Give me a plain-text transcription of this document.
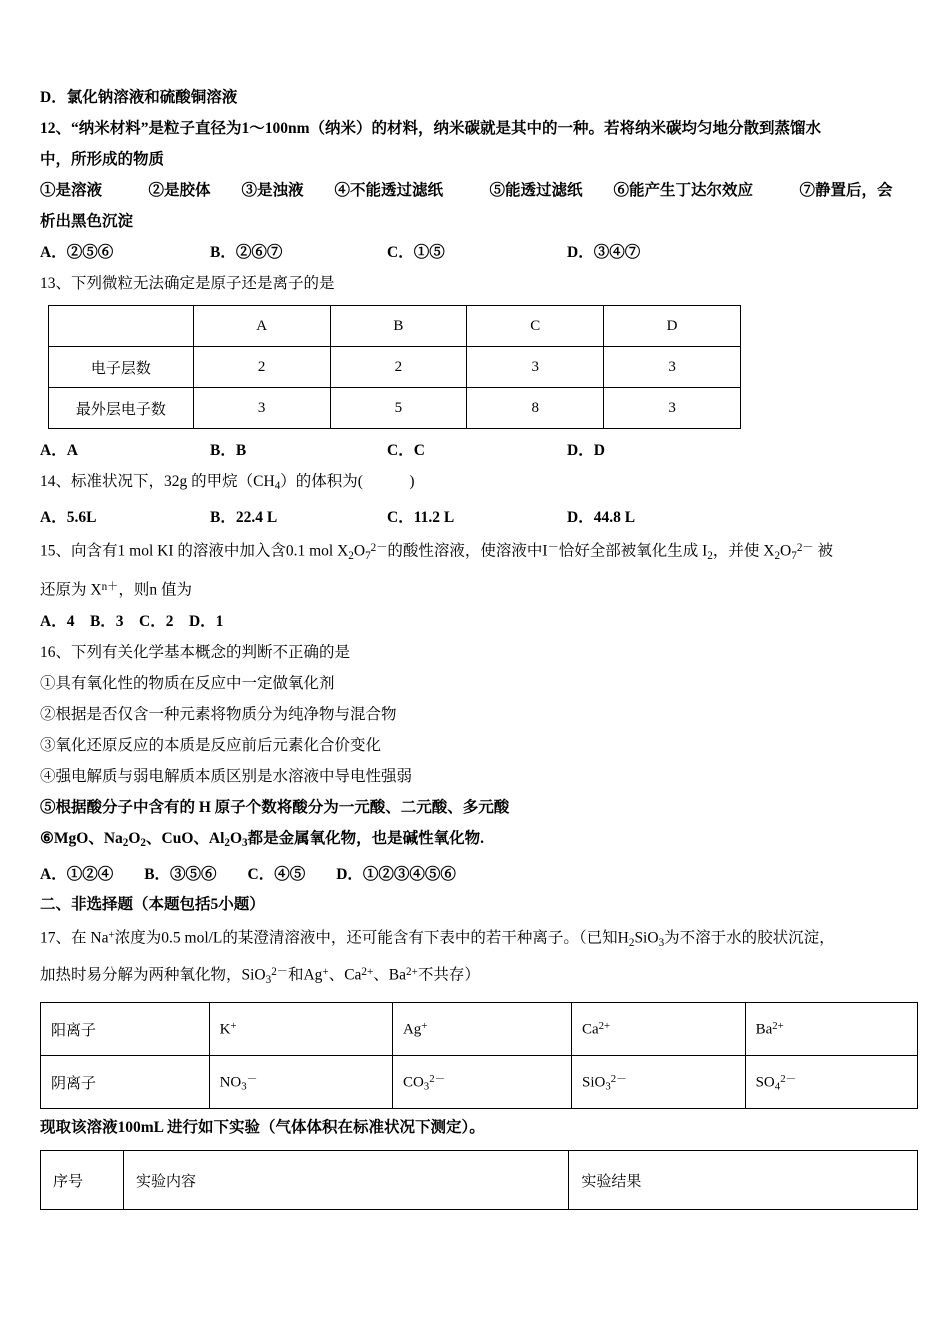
D．氯化钠溶液和硫酸铜溶液
12、“纳米材料”是粒子直径为1～100nm（纳米）的材料，纳米碳就是其中的一种。若将纳米碳均匀地分散到蒸馏水
中，所形成的物质
①是溶液　　　②是胶体　　③是浊液　　④不能透过滤纸　　　⑤能透过滤纸　　⑥能产生丁达尔效应　　　⑦静置后，会
析出黑色沉淀
A．②⑤⑥	B．②⑥⑦	C．①⑤	D．③④⑦
13、下列微粒无法确定是原子还是离子的是
	A	B	C	D
电子层数	2	2	3	3
最外层电子数	3	5	8	3
A．A	B．B	C．C	D．D
14、标准状况下，32g 的甲烷$(CH_4)$的体积为(　　　)
A．5.6L	B．22.4 L	C．11.2 L	D．44.8 L
15、向含有1 mol KI 的溶液中加入含0.1 mol $X_2O_7^{2-}$的酸性溶液，使溶液中I－恰好全部被氧化生成 $I_2$，并使 $X_2O_7^{2-}$ 被
还原为 $X^{n+}$，则n 值为
A．4　B．3　C．2　D．1
16、下列有关化学基本概念的判断不正确的是
①具有氧化性的物质在反应中一定做氧化剂
②根据是否仅含一种元素将物质分为纯净物与混合物
③氧化还原反应的本质是反应前后元素化合价变化
④强电解质与弱电解质本质区别是水溶液中导电性强弱
⑤根据酸分子中含有的 H 原子个数将酸分为一元酸、二元酸、多元酸
⑥MgO、$Na_2O_2$、CuO、$Al_2O_3$都是金属氧化物，也是碱性氧化物.
A．①②④　　B．③⑤⑥　　C．④⑤　　D．①②③④⑤⑥
二、非选择题（本题包括5小题）
17、在 Na+浓度为0.5 mol/L的某澄清溶液中，还可能含有下表中的若干种离子。（已知$H_2SiO_3$为不溶于水的胶状沉淀，
加热时易分解为两种氧化物，SiO$_3^{2-}$和Ag+、$Ca^{2+}$、$Ba^{2+}$不共存）
阳离子	K+	Ag+	$Ca^{2+}$	$Ba^{2+}$
阴离子	$NO_3^-$	$CO_3^{2-}$	SiO$_3^{2-}$	$SO_4^{2-}$
现取该溶液100mL 进行如下实验（气体体积在标准状况下测定）。
序号	实验内容	实验结果
